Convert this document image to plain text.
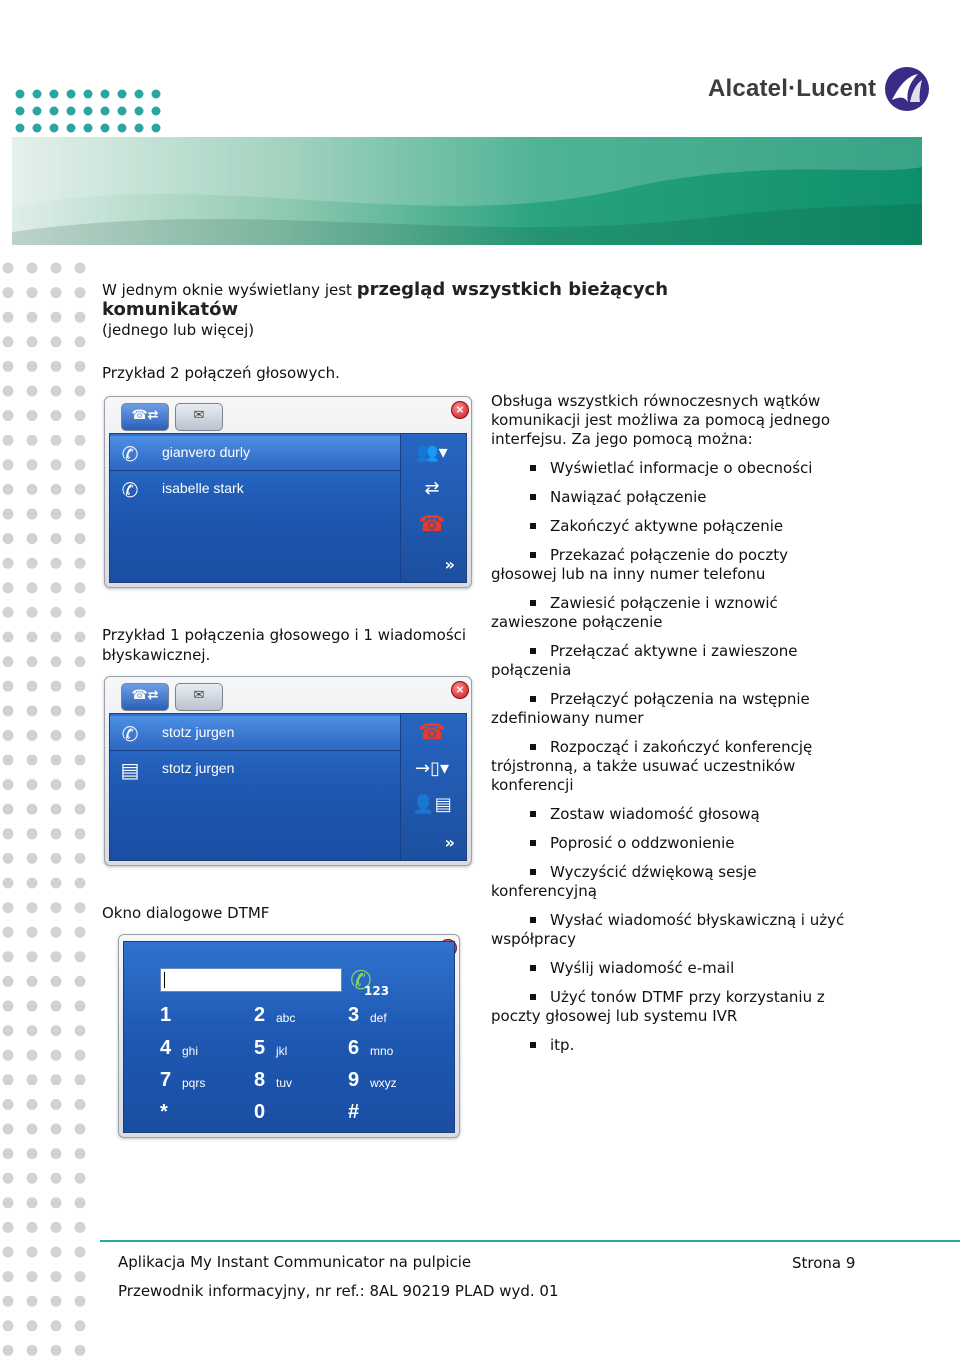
Alcatel·Lucent
W jednym oknie wyświetlany jest przegląd wszystkich bieżących komunikatów
(jednego lub więcej)
Przykład 2 połączeń głosowych.
☎⇄	✉	×
✆ gianvero durly
✆ isabelle stark
👥▾
⇄
☎
»
Przykład 1 połączenia głosowego i 1 wiadomości błyskawicznej.
☎⇄	✉	×
✆ stotz jurgen
▤ stotz jurgen
☎
→▯▾
👤▤
»
Okno dialogowe DTMF
✆
123
1	2 abc	3 def
4 ghi	5 jkl	6 mno
7 pqrs 8 tuv	9 wxyz
*	0	#

Obsługa wszystkich równoczesnych wątków komunikacji jest możliwa za pomocą jednego interfejsu. Za jego pomocą można:

Wyświetlać informacje o obecności
Nawiązać połączenie
Zakończyć aktywne połączenie
Przekazać połączenie do poczty głosowej lub na inny numer telefonu
Zawiesić połączenie i wznowić zawieszone połączenie
Przełączać aktywne i zawieszone połączenia
Przełączyć połączenia na wstępnie zdefiniowany numer
Rozpocząć i zakończyć konferencję trójstronną, a także usuwać uczestników konferencji
Zostaw wiadomość głosową
Poprosić o oddzwonienie
Wyczyścić dźwiękową sesje konferencyjną
Wysłać wiadomość błyskawiczną i użyć współpracy
Wyślij wiadomość e-mail
Użyć tonów DTMF przy korzystaniu z poczty głosowej lub systemu IVR
itp.
Aplikacja My Instant Communicator na pulpicie	Strona 9
Przewodnik informacyjny, nr ref.: 8AL 90219 PLAD wyd. 01
